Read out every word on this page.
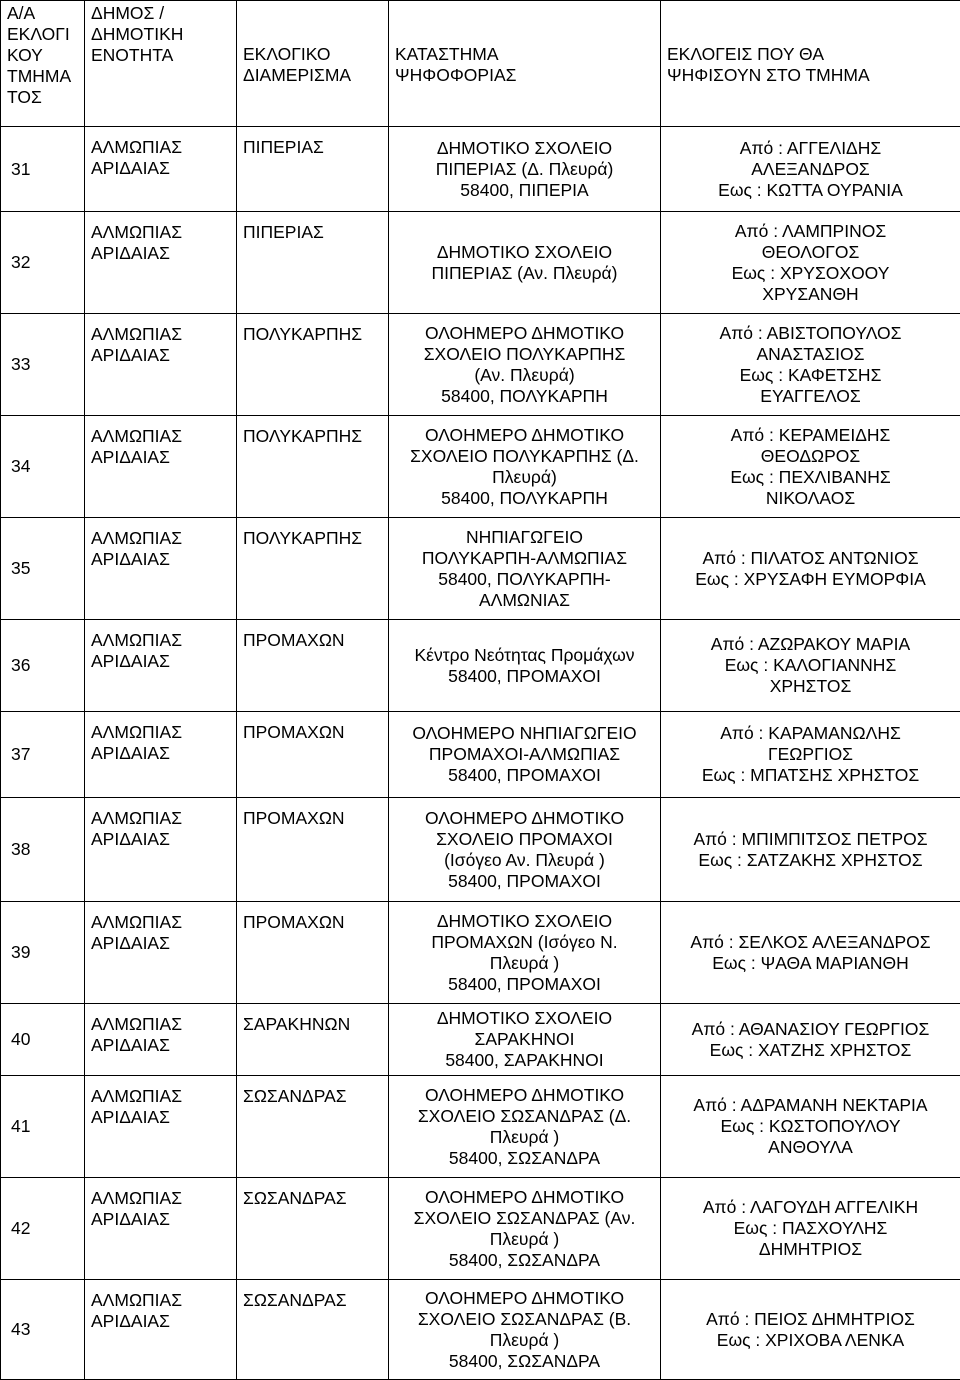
Α/Α
ΕΚΛΟΓΙ
ΚΟΥ
ΤΜΗΜΑ
ΤΟΣ	ΔΗΜΟΣ /
ΔΗΜΟΤΙΚΗ
ΕΝΟΤΗΤΑ	ΕΚΛΟΓΙΚΟ
ΔΙΑΜΕΡΙΣΜΑ	ΚΑΤΑΣΤΗΜΑ
ΨΗΦΟΦΟΡΙΑΣ	ΕΚΛΟΓΕΙΣ ΠΟΥ ΘΑ
ΨΗΦΙΣΟΥΝ ΣΤΟ ΤΜΗΜΑ

31	ΑΛΜΩΠΙΑΣ
ΑΡΙΔΑΙΑΣ	ΠΙΠΕΡΙΑΣ	ΔΗΜΟΤΙΚΟ ΣΧΟΛΕΙΟ
ΠΙΠΕΡΙΑΣ (Δ. Πλευρά)
58400, ΠΙΠΕΡΙΑ	Από : ΑΓΓΕΛΙΔΗΣ
ΑΛΕΞΑΝΔΡΟΣ
Εως : ΚΩΤΤΑ ΟΥΡΑΝΙΑ

32	ΑΛΜΩΠΙΑΣ
ΑΡΙΔΑΙΑΣ	ΠΙΠΕΡΙΑΣ	ΔΗΜΟΤΙΚΟ ΣΧΟΛΕΙΟ
ΠΙΠΕΡΙΑΣ (Αν. Πλευρά)	Από : ΛΑΜΠΡΙΝΟΣ
ΘΕΟΛΟΓΟΣ
Εως : ΧΡΥΣΟΧΟΟΥ
ΧΡΥΣΑΝΘΗ

33	ΑΛΜΩΠΙΑΣ
ΑΡΙΔΑΙΑΣ	ΠΟΛΥΚΑΡΠΗΣ	ΟΛΟΗΜΕΡΟ ΔΗΜΟΤΙΚΟ
ΣΧΟΛΕΙΟ ΠΟΛΥΚΑΡΠΗΣ
(Αν. Πλευρά)
58400, ΠΟΛΥΚΑΡΠΗ	Από : ΑΒΙΣΤΟΠΟΥΛΟΣ
ΑΝΑΣΤΑΣΙΟΣ
Εως : ΚΑΦΕΤΣΗΣ
ΕΥΑΓΓΕΛΟΣ

34	ΑΛΜΩΠΙΑΣ
ΑΡΙΔΑΙΑΣ	ΠΟΛΥΚΑΡΠΗΣ	ΟΛΟΗΜΕΡΟ ΔΗΜΟΤΙΚΟ
ΣΧΟΛΕΙΟ ΠΟΛΥΚΑΡΠΗΣ (Δ.
Πλευρά)
58400, ΠΟΛΥΚΑΡΠΗ	Από : ΚΕΡΑΜΕΙΔΗΣ
ΘΕΟΔΩΡΟΣ
Εως : ΠΕΧΛΙΒΑΝΗΣ
ΝΙΚΟΛΑΟΣ

35	ΑΛΜΩΠΙΑΣ
ΑΡΙΔΑΙΑΣ	ΠΟΛΥΚΑΡΠΗΣ	ΝΗΠΙΑΓΩΓΕΙΟ
ΠΟΛΥΚΑΡΠΗ-ΑΛΜΩΠΙΑΣ
58400, ΠΟΛΥΚΑΡΠΗ-
ΑΛΜΩΝΙΑΣ	Από : ΠΙΛΑΤΟΣ ΑΝΤΩΝΙΟΣ
Εως : ΧΡΥΣΑΦΗ ΕΥΜΟΡΦΙΑ

36	ΑΛΜΩΠΙΑΣ
ΑΡΙΔΑΙΑΣ	ΠΡΟΜΑΧΩΝ	Κέντρο Νεότητας Προμάχων
58400, ΠΡΟΜΑΧΟΙ	Από : ΑΖΩΡΑΚΟΥ ΜΑΡΙΑ
Εως : ΚΑΛΟΓΙΑΝΝΗΣ
ΧΡΗΣΤΟΣ

37	ΑΛΜΩΠΙΑΣ
ΑΡΙΔΑΙΑΣ	ΠΡΟΜΑΧΩΝ	ΟΛΟΗΜΕΡΟ ΝΗΠΙΑΓΩΓΕΙΟ
ΠΡΟΜΑΧΟΙ-ΑΛΜΩΠΙΑΣ
58400, ΠΡΟΜΑΧΟΙ	Από : ΚΑΡΑΜΑΝΩΛΗΣ
ΓΕΩΡΓΙΟΣ
Εως : ΜΠΑΤΣΗΣ ΧΡΗΣΤΟΣ

38	ΑΛΜΩΠΙΑΣ
ΑΡΙΔΑΙΑΣ	ΠΡΟΜΑΧΩΝ	ΟΛΟΗΜΕΡΟ ΔΗΜΟΤΙΚΟ
ΣΧΟΛΕΙΟ ΠΡΟΜΑΧΟΙ
(Ισόγεο Αν. Πλευρά )
58400, ΠΡΟΜΑΧΟΙ	Από : ΜΠΙΜΠΙΤΣΟΣ ΠΕΤΡΟΣ
Εως : ΣΑΤΖΑΚΗΣ ΧΡΗΣΤΟΣ

39	ΑΛΜΩΠΙΑΣ
ΑΡΙΔΑΙΑΣ	ΠΡΟΜΑΧΩΝ	ΔΗΜΟΤΙΚΟ ΣΧΟΛΕΙΟ
ΠΡΟΜΑΧΩΝ (Ισόγεο Ν.
Πλευρά )
58400, ΠΡΟΜΑΧΟΙ	Από : ΣΕΛΚΟΣ ΑΛΕΞΑΝΔΡΟΣ
Εως : ΨΑΘΑ ΜΑΡΙΑΝΘΗ

40	ΑΛΜΩΠΙΑΣ
ΑΡΙΔΑΙΑΣ	ΣΑΡΑΚΗΝΩΝ	ΔΗΜΟΤΙΚΟ ΣΧΟΛΕΙΟ
ΣΑΡΑΚΗΝΟΙ
58400, ΣΑΡΑΚΗΝΟΙ	Από : ΑΘΑΝΑΣΙΟΥ ΓΕΩΡΓΙΟΣ
Εως : ΧΑΤΖΗΣ ΧΡΗΣΤΟΣ

41	ΑΛΜΩΠΙΑΣ
ΑΡΙΔΑΙΑΣ	ΣΩΣΑΝΔΡΑΣ	ΟΛΟΗΜΕΡΟ ΔΗΜΟΤΙΚΟ
ΣΧΟΛΕΙΟ ΣΩΣΑΝΔΡΑΣ (Δ.
Πλευρά )
58400, ΣΩΣΑΝΔΡΑ	Από : ΑΔΡΑΜΑΝΗ ΝΕΚΤΑΡΙΑ
Εως : ΚΩΣΤΟΠΟΥΛΟΥ
ΑΝΘΟΥΛΑ

42	ΑΛΜΩΠΙΑΣ
ΑΡΙΔΑΙΑΣ	ΣΩΣΑΝΔΡΑΣ	ΟΛΟΗΜΕΡΟ ΔΗΜΟΤΙΚΟ
ΣΧΟΛΕΙΟ ΣΩΣΑΝΔΡΑΣ (Αν.
Πλευρά )
58400, ΣΩΣΑΝΔΡΑ	Από : ΛΑΓΟΥΔΗ ΑΓΓΕΛΙΚΗ
Εως : ΠΑΣΧΟΥΛΗΣ
ΔΗΜΗΤΡΙΟΣ

43	ΑΛΜΩΠΙΑΣ
ΑΡΙΔΑΙΑΣ	ΣΩΣΑΝΔΡΑΣ	ΟΛΟΗΜΕΡΟ ΔΗΜΟΤΙΚΟ
ΣΧΟΛΕΙΟ ΣΩΣΑΝΔΡΑΣ (Β.
Πλευρά )
58400, ΣΩΣΑΝΔΡΑ	Από : ΠΕΙΟΣ ΔΗΜΗΤΡΙΟΣ
Εως : ΧΡΙΧΟΒΑ ΛΕΝΚΑ
